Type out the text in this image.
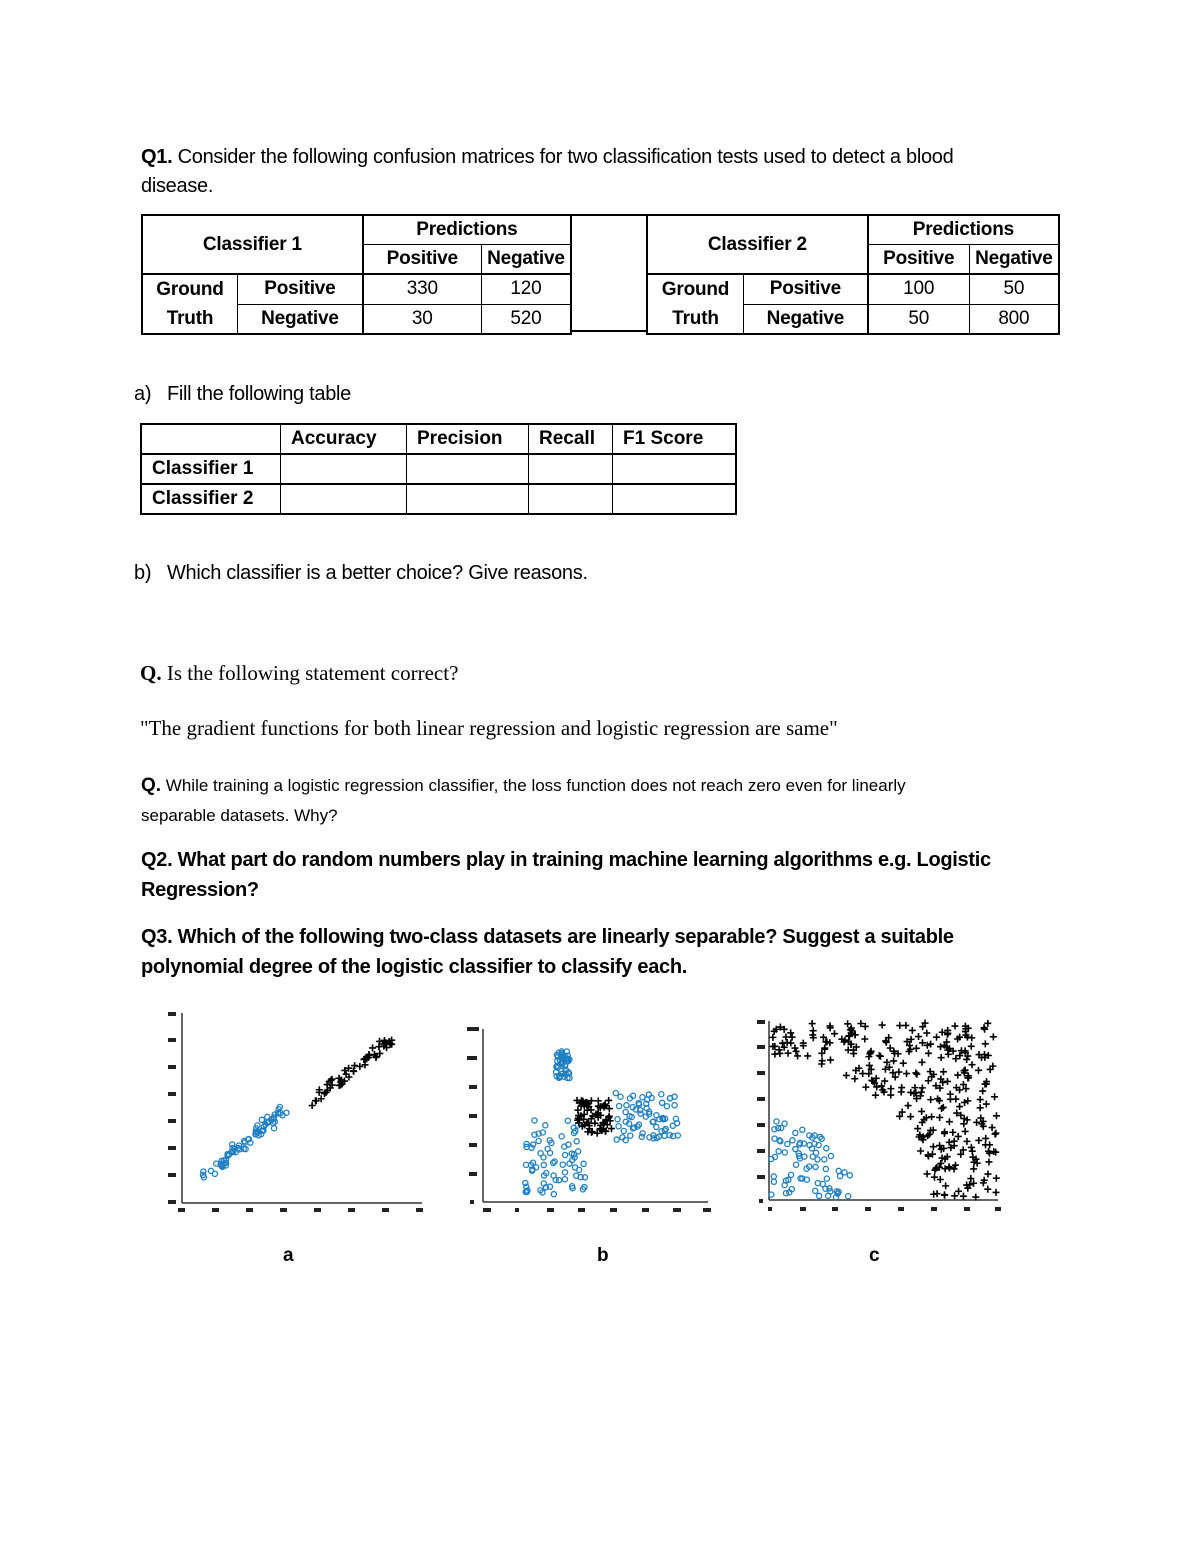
Q1. Consider the following confusion matrices for two classification tests used to detect a blood
disease.
Classifier 1		Predictions	
		Positive	Negative
Ground
Truth	Positive	330	120
	Negative	30	520
Classifier 2		Predictions	
		Positive	Negative
Ground
Truth	Positive	100	50
	Negative	50	800
a) Fill the following table
	Accuracy	Precision	Recall	F1 Score
Classifier 1				
Classifier 2				
b) Which classifier is a better choice? Give reasons.
Q. Is the following statement correct?
"The gradient functions for both linear regression and logistic regression are same"
Q. While training a logistic regression classifier, the loss function does not reach zero even for linearly
separable datasets. Why?
Q2. What part do random numbers play in training machine learning algorithms e.g. Logistic
Regression?
Q3. Which of the following two-class datasets are linearly separable? Suggest a suitable
polynomial degree of the logistic classifier to classify each.
a	b	c
